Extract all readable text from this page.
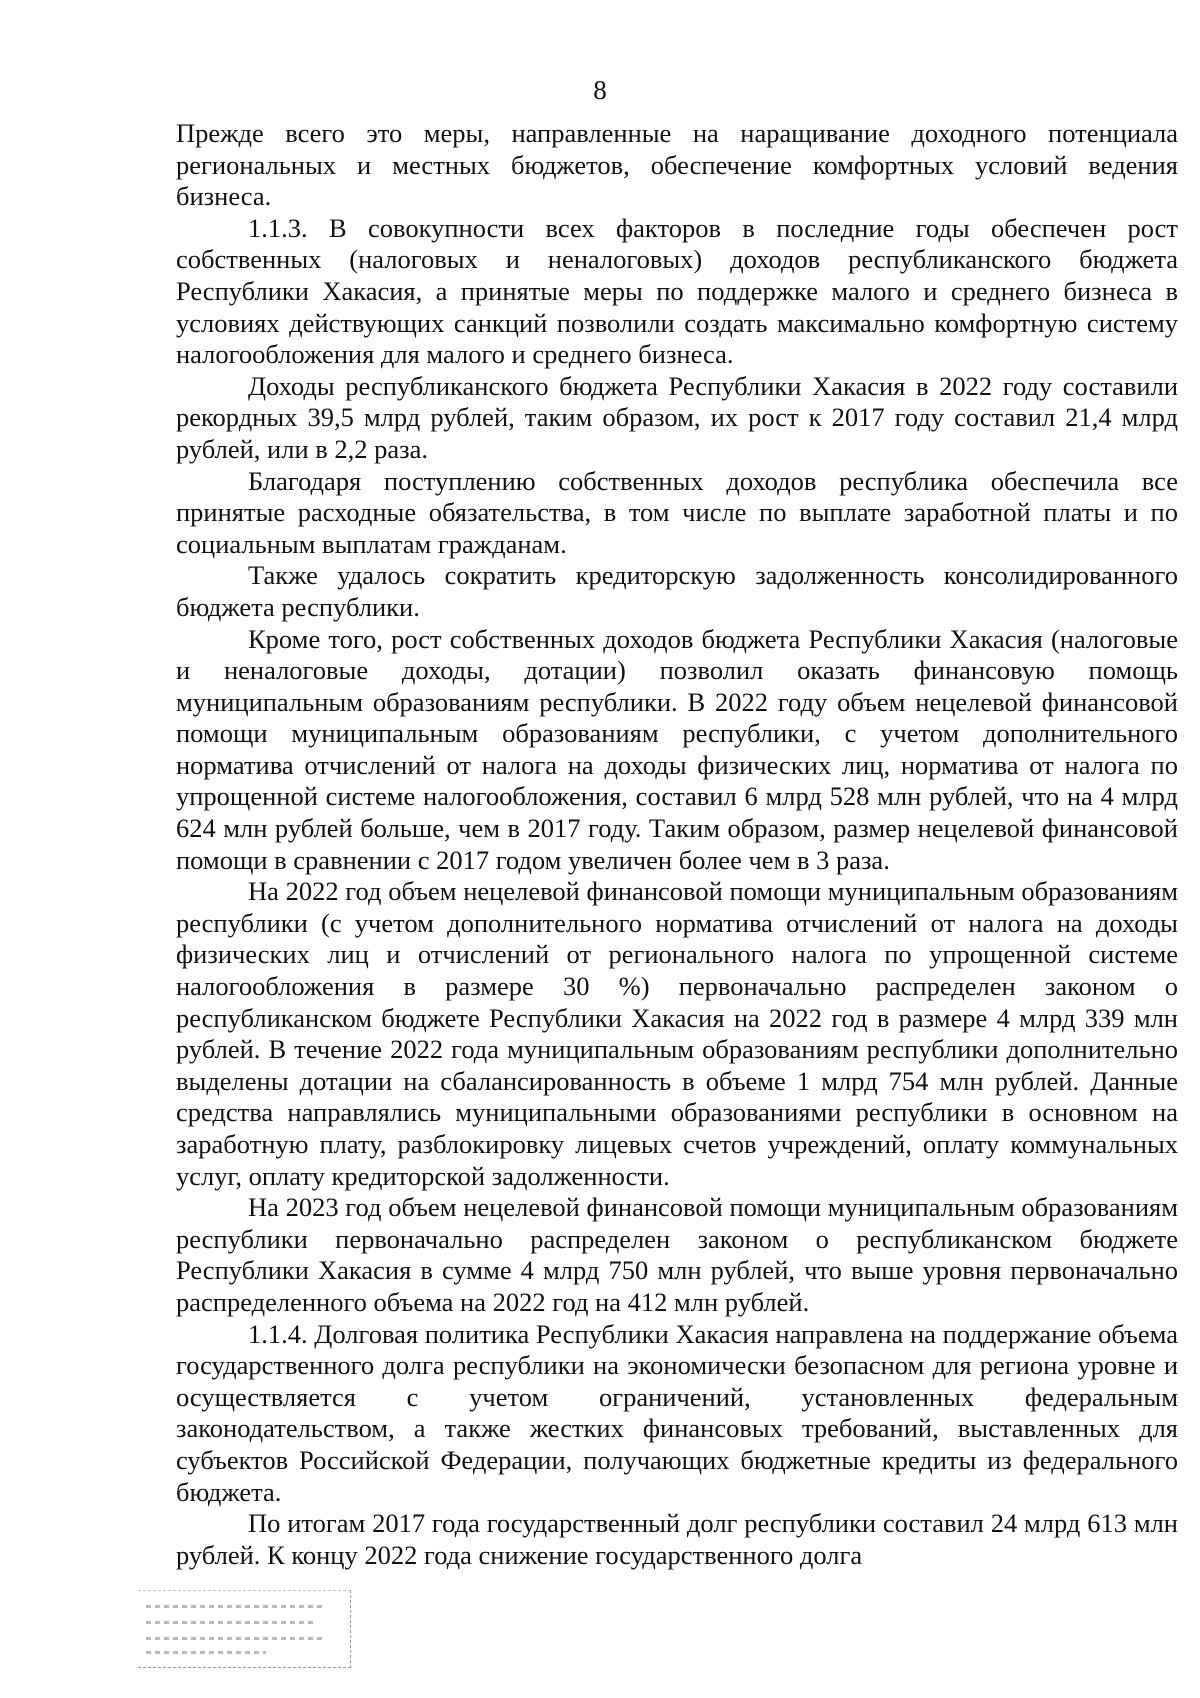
8

Прежде всего это меры, направленные на наращивание доходного потенциала региональных и местных бюджетов, обеспечение комфортных условий ведения бизнеса.

1.1.3. В совокупности всех факторов в последние годы обеспечен рост собственных (налоговых и неналоговых) доходов республиканского бюджета Республики Хакасия, а принятые меры по поддержке малого и среднего бизнеса в условиях действующих санкций позволили создать максимально комфортную систему налогообложения для малого и среднего бизнеса.

Доходы республиканского бюджета Республики Хакасия в 2022 году составили рекордных 39,5 млрд рублей, таким образом, их рост к 2017 году составил 21,4 млрд рублей, или в 2,2 раза.

Благодаря поступлению собственных доходов республика обеспечила все принятые расходные обязательства, в том числе по выплате заработной платы и по социальным выплатам гражданам.

Также удалось сократить кредиторскую задолженность консолидированного бюджета республики.

Кроме того, рост собственных доходов бюджета Республики Хакасия (налоговые и неналоговые доходы, дотации) позволил оказать финансовую помощь муниципальным образованиям республики. В 2022 году объем нецелевой финансовой помощи муниципальным образованиям республики, с учетом дополнительного норматива отчислений от налога на доходы физических лиц, норматива от налога по упрощенной системе налогообложения, составил 6 млрд 528 млн рублей, что на 4 млрд 624 млн рублей больше, чем в 2017 году. Таким образом, размер нецелевой финансовой помощи в сравнении с 2017 годом увеличен более чем в 3 раза.

На 2022 год объем нецелевой финансовой помощи муниципальным образованиям республики (с учетом дополнительного норматива отчислений от налога на доходы физических лиц и отчислений от регионального налога по упрощенной системе налогообложения в размере 30 %) первоначально распределен законом о республиканском бюджете Республики Хакасия на 2022 год в размере 4 млрд 339 млн рублей. В течение 2022 года муниципальным образованиям республики дополнительно выделены дотации на сбалансированность в объеме 1 млрд 754 млн рублей. Данные средства направлялись муниципальными образованиями республики в основном на заработную плату, разблокировку лицевых счетов учреждений, оплату коммунальных услуг, оплату кредиторской задолженности.

На 2023 год объем нецелевой финансовой помощи муниципальным образованиям республики первоначально распределен законом о республиканском бюджете Республики Хакасия в сумме 4 млрд 750 млн рублей, что выше уровня первоначально распределенного объема на 2022 год на 412 млн рублей.

1.1.4. Долговая политика Республики Хакасия направлена на поддержание объема государственного долга республики на экономически безопасном для региона уровне и осуществляется с учетом ограничений, установленных федеральным законодательством, а также жестких финансовых требований, выставленных для субъектов Российской Федерации, получающих бюджетные кредиты из федерального бюджета.

По итогам 2017 года государственный долг республики составил 24 млрд 613 млн рублей. К концу 2022 года снижение государственного долга
